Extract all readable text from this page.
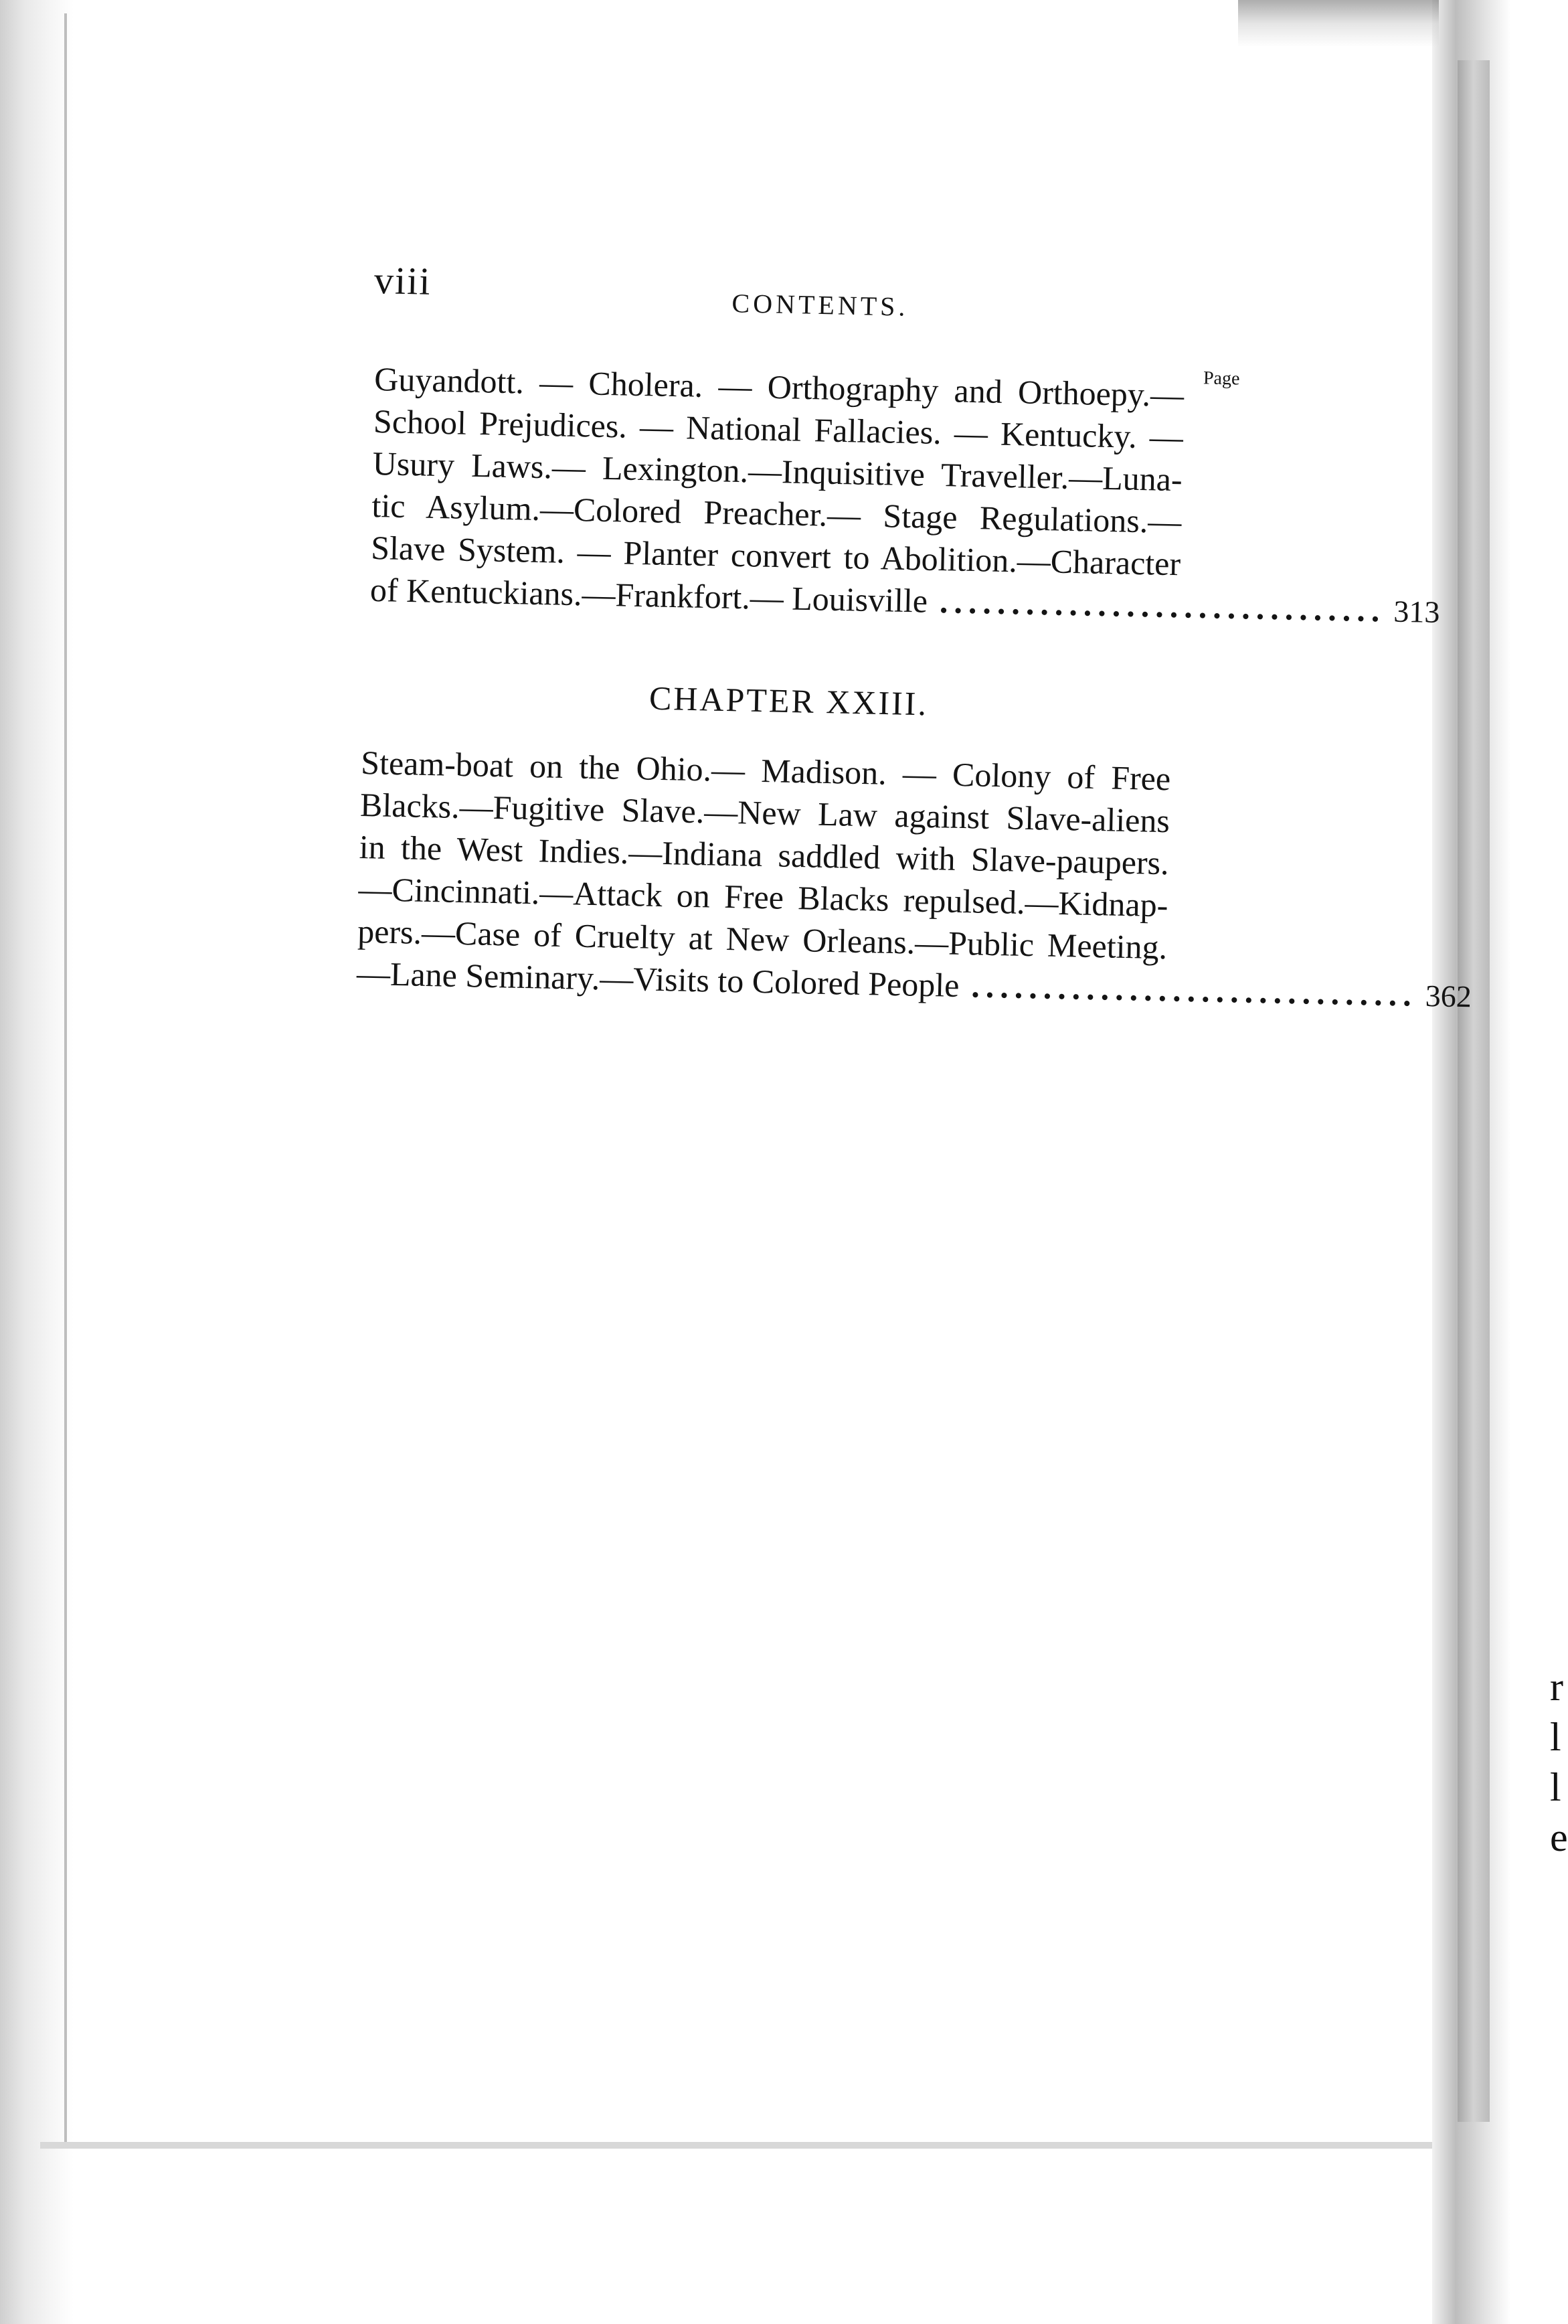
r
l
l
e
viii
CONTENTS.
Page
Guyandott. — Cholera. — Orthography and Orthoepy.—
School Prejudices. — National Fallacies. — Kentucky. —
Usury Laws.— Lexington.—Inquisitive Traveller.—Luna-
tic Asylum.—Colored Preacher.— Stage Regulations.—
Slave System. — Planter convert to Abolition.—Character
of Kentuckians.—Frankfort.— Louisville ............................... 313
CHAPTER XXIII.
Steam-boat on the Ohio.— Madison. — Colony of Free
Blacks.—Fugitive Slave.—New Law against Slave-aliens
in the West Indies.—Indiana saddled with Slave-paupers.
—Cincinnati.—Attack on Free Blacks repulsed.—Kidnap-
pers.—Case of Cruelty at New Orleans.—Public Meeting.
—Lane Seminary.—Visits to Colored People ............................... 362
